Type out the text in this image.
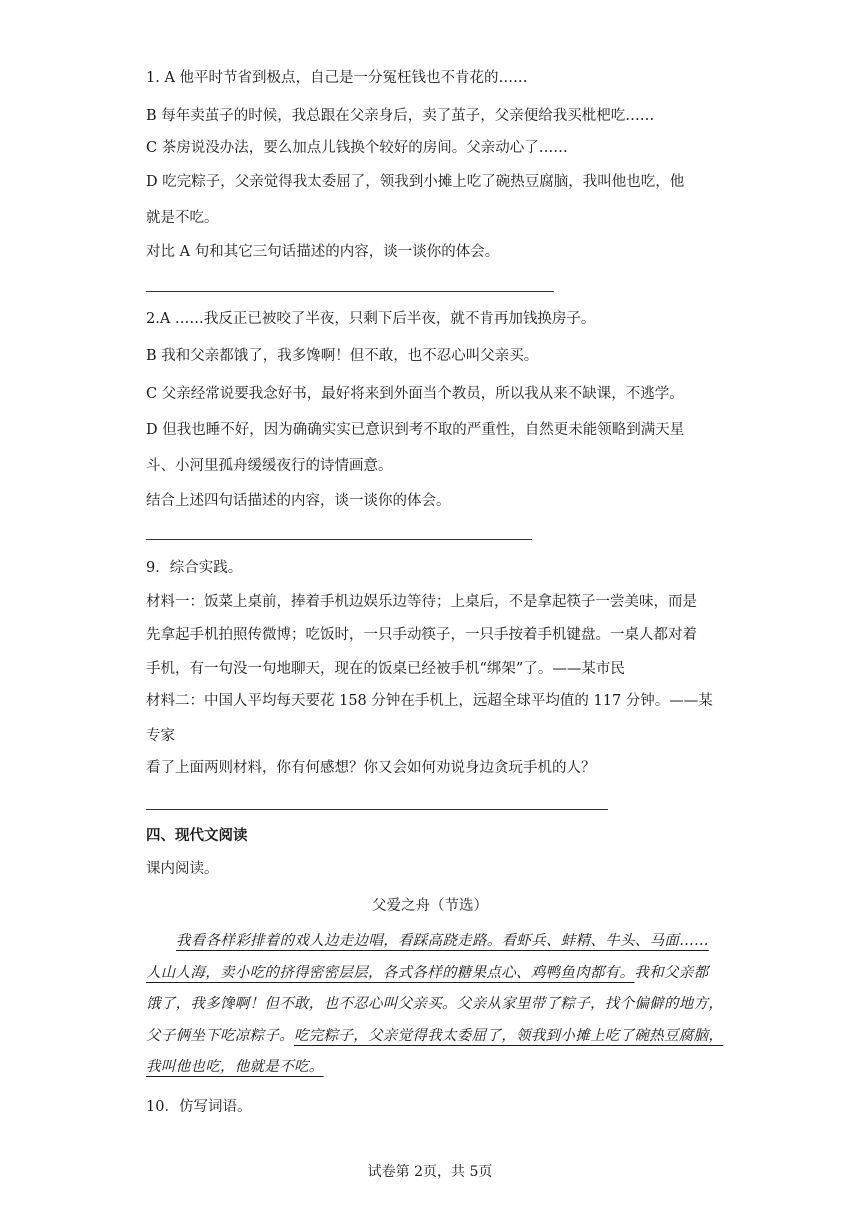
1. A 他平时节省到极点，自己是一分冤枉钱也不肯花的……
B 每年卖茧子的时候，我总跟在父亲身后，卖了茧子，父亲便给我买枇杷吃……
C 茶房说没办法，要么加点儿钱换个较好的房间。父亲动心了……
D 吃完粽子，父亲觉得我太委屈了，领我到小摊上吃了碗热豆腐脑，我叫他也吃，他
就是不吃。
对比 A 句和其它三句话描述的内容，谈一谈你的体会。
2.A ……我反正已被咬了半夜，只剩下后半夜，就不肯再加钱换房子。
B 我和父亲都饿了，我多馋啊！但不敢，也不忍心叫父亲买。
C 父亲经常说要我念好书，最好将来到外面当个教员，所以我从来不缺课，不逃学。
D 但我也睡不好，因为确确实实已意识到考不取的严重性，自然更未能领略到满天星
斗、小河里孤舟缓缓夜行的诗情画意。
结合上述四句话描述的内容，谈一谈你的体会。
9．综合实践。
材料一：饭菜上桌前，捧着手机边娱乐边等待；上桌后，不是拿起筷子一尝美味，而是
先拿起手机拍照传微博；吃饭时，一只手动筷子，一只手按着手机键盘。一桌人都对着
手机，有一句没一句地聊天，现在的饭桌已经被手机“绑架”了。——某市民
材料二：中国人平均每天要花 158 分钟在手机上，远超全球平均值的 117 分钟。——某
专家
看了上面两则材料，你有何感想？你又会如何劝说身边贪玩手机的人？
四、现代文阅读
课内阅读。
父爱之舟（节选）
我看各样彩排着的戏人边走边唱，看踩高跷走路。看虾兵、蚌精、牛头、马面……
人山人海，卖小吃的挤得密密层层，各式各样的糖果点心、鸡鸭鱼肉都有。我和父亲都
饿了，我多馋啊！但不敢，也不忍心叫父亲买。父亲从家里带了粽子，找个偏僻的地方，
父子俩坐下吃凉粽子。吃完粽子，父亲觉得我太委屈了，领我到小摊上吃了碗热豆腐脑，
我叫他也吃，他就是不吃。
10．仿写词语。
试卷第 2页，共 5页
